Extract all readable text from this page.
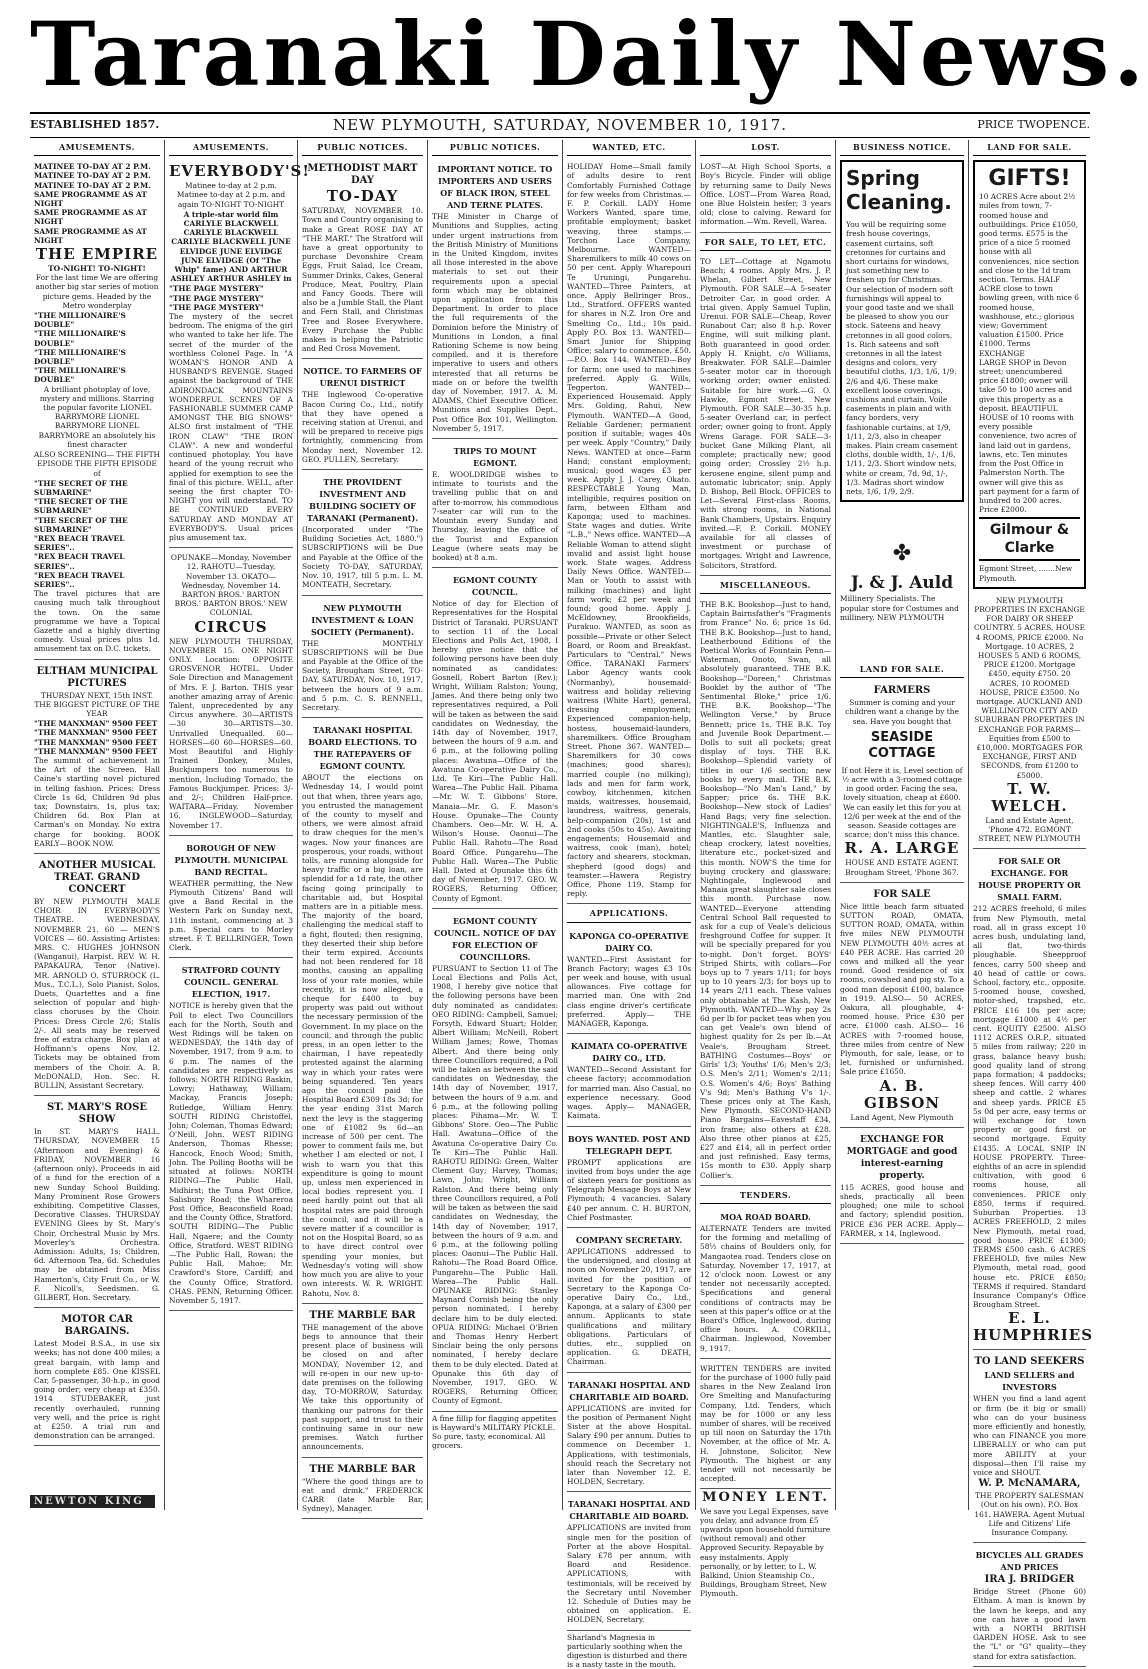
Taranaki Daily News.
ESTABLISHED 1857.	NEW PLYMOUTH, SATURDAY, NOVEMBER 10, 1917.	PRICE TWOPENCE.
AMUSEMENTS.
MATINEE TO-DAY AT 2 P.M.
MATINEE TO-DAY AT 2 P.M.
MATINEE TO-DAY AT 2 P.M.
SAME PROGRAMME AS AT NIGHT
SAME PROGRAMME AS AT NIGHT
SAME PROGRAMME AS AT NIGHT
THE EMPIRE
TO-NIGHT! TO-NIGHT!

For the last time We are offering another big star series of motion picture gems. Headed by the Metro wonderplay

"THE MILLIONAIRE'S DOUBLE"
"THE MILLIONAIRE'S DOUBLE"
"THE MILLIONAIRE'S DOUBLE"
"THE MILLIONAIRE'S DOUBLE"

A brilliant photoplay of love, mystery and millions. Starring the popular favorite LIONEL BARRYMORE LIONEL BARRYMORE LIONEL BARRYMORE an absolutely his finest character

ALSO SCREENING— THE FIFTH EPISODE THE FIFTH EPISODE of

"THE SECRET OF THE SUBMARINE"
"THE SECRET OF THE SUBMARINE"
"THE SECRET OF THE SUBMARINE"
"REX BEACH TRAVEL SERIES"..
"REX BEACH TRAVEL SERIES"..
"REX BEACH TRAVEL SERIES"..

The travel pictures that are causing much talk throughout the town. On the same programme we have a Topical Gazette and a highly diverting comedy. Usual prices plus 1d. amusement tax on D.C. tickets.

ELTHAM MUNICIPAL PICTURES

THURSDAY NEXT, 15th INST. THE BIGGEST PICTURE OF THE YEAR

"THE MANXMAN" 9500 FEET
"THE MANXMAN" 9500 FEET
"THE MANXMAN" 9500 FEET
"THE MANXMAN" 9500 FEET

The summit of achievement in the Art of the Screen. Hall Caine's startling novel pictured in telling fashion. Prices: Dress Circle 1s 6d, Children 9d plus tax; Downstairs, 1s, plus tax; Children 6d. Box Plan at Carman's on Monday. No extra charge for booking. BOOK EARLY—BOOK NOW.

ANOTHER MUSICAL TREAT. GRAND CONCERT

BY NEW PLYMOUTH MALE CHOIR IN EVERYBODY'S THEATRE. WEDNESDAY, NOVEMBER 21. 60 — MEN'S VOICES — 60. Assisting Artistes: MRS. C. HUGHES JOHNSON (Wanganui), Harpist. REV. W. H. PAPAKAURA, Tenor (Native). MR. ARNOLD O. STURROCK (L. Mus., T.C.L.), Solo Pianist. Solos, Duets, Quartettes and a fine selection of popular and high-class choruses by the Choir. Prices: Dress Circle 2/6; Stalls 2/-. All seats may be reserved free of extra charge. Box plan at Hoffmann's opens Nov. 12. Tickets may be obtained from members of the Choir. A. B. McDONALD, Hon. Sec. H. BULLIN, Assistant Secretary.

ST. MARY'S ROSE SHOW

In ST. MARY'S HALL. THURSDAY, NOVEMBER 15 (Afternoon and Evening) & FRIDAY, NOVEMBER 16 (afternoon only). Proceeds in aid of a fund for the erection of a new Sunday School Building. Many Prominent Rose Growers exhibiting. Competitive Classes, Decorative Classes. THURSDAY EVENING Glees by St. Mary's Choir, Orchestral Music by Mrs. Moverley's Orchestra. Admission: Adults, 1s; Children, 6d. Afternoon Tea, 6d. Schedules may be obtained from Miss Hamerton's, City Fruit Co., or W. F. Nicoll's, Seedsmen. G. GILBERT, Hon. Secretary.

MOTOR CAR BARGAINS.

Latest Model B.S.A., in use six weeks; has not done 400 miles; a great bargain, with lamp and horn complete £85. One KISSEL Car, 5-passenger, 30-h.p., in good going order; very cheap at £350. 1914 STUDEBAKER, just recently overhauled, running very well, and the price is right at £250. A trial run and demonstration can be arranged.

NEWTON KING
AMUSEMENTS.
EVERYBODY'S!

Matinee to-day at 2 p.m. Matinee to-day at 2 p.m. and again TO-NIGHT TO-NIGHT

A triple-star world film CARLYLE BLACKWELL CARLYLE BLACKWELL CARLYLE BLACKWELL JUNE ELVIDGE JUNE ELVIDGE JUNE ELVIDGE (Of "The Whip" fame) AND ARTHUR ASHLEY ARTHUR ASHLEY in

"THE PAGE MYSTERY"
"THE PAGE MYSTERY"
"THE PAGE MYSTERY"

The mystery of the secret bedroom. The enigma of the girl who wanted to take her life. The secret of the murder of the worthless Colonel Page. In "A WOMAN'S HONOR AND A HUSBAND'S REVENGE. Staged against the background of THE ADIRONDACK MOUNTAINS WONDERFUL SCENES OF A FASHIONABLE SUMMER CAMP AMONGST THE BIG SNOWS" ALSO first instalment of "THE IRON CLAW" "THE IRON CLAW". A new and wonderful continued photoplay. You have heard of the young recruit who applied for exemption to see the final of this picture. WELL, after seeing the first chapter TO-NIGHT you will understand. TO BE CONTINUED EVERY SATURDAY AND MONDAY AT EVERYBODY'S. Usual prices plus amusement tax.

OPUNAKE—Monday, November 12. RAHOTU—Tuesday, November 13. OKATO—Wednesday, November 14. BARTON BROS.' BARTON BROS.' BARTON BROS.' NEW COLONIAL

CIRCUS

NEW PLYMOUTH THURSDAY, NOVEMBER 15. ONE NIGHT ONLY. Location: OPPOSITE GROSVENOR HOTEL. Under Sole Direction and Management of Mrs. F. J. Barton. THIS year another amazing array of Arenic Talent, unprecedented by any Circus anywhere. 30—ARTISTS—30 30—ARTISTS—30. Unrivalled Unequalled. 60—HORSES—60 60—HORSES—60. Most Beautiful and Highly Trained Donkey, Mules, Buckjumpers too numerous to mention, Including Tornado, the Famous Buckjumper. Prices: 3/- and 2/-; Children Half-price. WAITARA—Friday, November 16. INGLEWOOD—Saturday, November 17.

BOROUGH OF NEW PLYMOUTH. MUNICIPAL BAND RECITAL.

WEATHER permitting, the New Plymouth Citizens' Band will give a Band Recital in the Western Park on Sunday next, 11th instant, commencing at 3 p.m. Special cars to Morley street. F. T. BELLRINGER, Town Clerk.

STRATFORD COUNTY COUNCIL. GENERAL ELECTION, 1917.

NOTICE is hereby given that the Poll to elect Two Councillors each for the North, South and West Ridings will be taken on WEDNESDAY, the 14th day of November, 1917, from 9 a.m. to 6 p.m. The names of the candidates are respectively as follows: NORTH RIDING Baskin, Lowry; Hathaway, William; Mackay, Francis Joseph; Rutledge, William Henry. SOUTH RIDING Christoffel, John; Coleman, Thomas Edward; O'Neill, John. WEST RIDING Anderson, Thomas Rhesse; Hancock, Enoch Wood; Smith, John. The Polling Booths will be situated at follows: NORTH RIDING—The Public Hall, Midhirst; the Tuna Post Office, Salisbury Road; the Whareroa Post Office, Beaconsfield Road; and the County Office, Stratford. SOUTH RIDING—The Public Hall, Ngaere; and the County Office, Stratford. WEST RIDING—The Public Hall, Rowan; the Public Hall, Mahoe; Mr. Crawford's Store, Cardiff; and the County Office, Stratford. CHAS. PENN, Returning Officer. November 5, 1917.

PUBLIC NOTICES.
METHODIST MART DAY
TO-DAY

SATURDAY, NOVEMBER 10. Town and Country organising to make a Great ROSE DAY AT "THE MART." The Stratford will have a great opportunity to purchase Devonshire Cream Eggs, Fruit Salad, Ice Cream, Summer Drinks, Cakes, General Produce, Meat, Poultry, Plain and Fancy Goods. There will also be a Jumble Stall, the Plant and Fern Stall, and Christmas Tree and Rosee Everywhere. Every Purchase the Public makes is helping the Patriotic and Red Cross Movement.

NOTICE. TO FARMERS OF URENUI DISTRICT

THE Inglewood Co-operative Bacon Curing Co., Ltd., notify that they have opened a receiving station at Urenui, and will be prepared to receive pigs fortnightly, commencing from Monday next, November 12. GEO. PULLEN, Secretary.

THE PROVIDENT INVESTMENT AND BUILDING SOCIETY OF TARANAKI (Permanent).

(Incorporated under "The Building Societies Act, 1880.") SUBSCRIPTIONS will be Due and Payable at the Office of the Society TO-DAY, SATURDAY, Nov. 10, 1917, till 5 p.m. L. M. MONTEATH, Secretary.

NEW PLYMOUTH INVESTMENT & LOAN SOCIETY (Permanent).

THE MONTHLY SUBSCRIPTIONS will be Due and Payable at the Office of the Society, Brougham Street, TO-DAY, SATURDAY, Nov. 10, 1917, between the hours of 9 a.m. and 5 p.m. C. S. RENNELL, Secretary.

TARANAKI HOSPITAL BOARD ELECTIONS. TO THE RATEPAYERS OF EGMONT COUNTY.

ABOUT the elections on Wednesday 14, I would point out that when, three years ago, you entrusted the management of the county to myself and others, we were almost afraid to draw cheques for the men's wages. Now your finances are prosperous, your roads, without tolls, are running alongside for heavy traffic or a big loan, are splendid for a 1d rate, the other facing going principally to charitable aid, but Hospital matters are in a pitiable mess. The majority of the board, challenging the medical staff to a fight, flouted; then resigning, they deserted their ship before their term expired. Accounts had not been rendered for 18 months, causing an appalling loss of your rate monies, while recently, it is now alleged, a cheque for £400 to buy property was paid out without the necessary permission of the Government. In my place on the council, and through the public press, in an open letter to the chairman, I have repeatedly protested against the alarming way in which your rates were being squandered. Ten years ago the council paid the Hospital Board £309 18s 3d; for the year ending 31st March next the levy is the staggering one of £1082 9s 6d—an increase of 500 per cent. The power to comment fails me, but whether I am elected or not, I wish to warn you that this expenditure is going to mount up, unless men experienced in local bodies represent you. I need hardly point out that all hospital rates are paid through the council, and it will be a severe matter if a councillor is not on the Hospital Board, so as to have direct control over spending your monies, but Wednesday's voting will show how much you are alive to your own interests. W. R. WRIGHT. Rahotu, Nov. 8.

THE MARBLE BAR

THE management of the above begs to announce that their present place of business will be closed on and after MONDAY, November 12, and will re-open in our new up-to-date premises on the following day, TO-MORROW, Saturday. We take this opportunity of thanking our patrons for their past support, and trust to their continuing same in our new premises. Watch further announcements.

THE MARBLE BAR

"Where the good things are to eat and drink." FREDERICK CARR (late Marble Bar, Sydney), Manager.

PUBLIC NOTICES.
IMPORTANT NOTICE. TO IMPORTERS AND USERS OF BLACK IRON, STEEL AND TERNE PLATES.

THE Minister in Charge of Munitions and Supplies, acting under urgent instructions from the British Ministry of Munitions in the United Kingdom, invites all those interested in the above materials to set out their requirements upon a special form which may be obtained upon application from this Department. In order to place the full requirements of the Dominion before the Ministry of Munitions in London, a final Rationing Scheme is now being compiled, and it is therefore imperative to users and others interested that all returns be made on or before the twelfth day of November, 1917. A. M. ADAMS, Chief Executive Officer. Munitions and Supplies Dept., Post Office Box 101, Wellington. November 5, 1917.

TRIPS TO MOUNT EGMONT.

E. WOOLDRIDGE wishes to intimate to tourists and the travelling public that on and after to-morrow, his commodious 7-seater car will run to the Mountain every Sunday and Thursday, leaving the office of the Tourist and Expansion League (where seats may be booked) at 8 a.m.

EGMONT COUNTY COUNCIL.

Notice of day for Election of Representatives for the Hospital District of Taranaki. PURSUANT to section 11 of the Local Elections and Polls Act, 1908, I hereby give notice that the following persons have been duly nominated as candidates: Gosnell, Robert Barton (Rev.); Wright, William Ralston; Young, James. And there being only two representatives required, a Poll will be taken as between the said candidates on Wednesday, the 14th day of November, 1917, between the hours of 9 a.m. and 6 p.m., at the following polling places: Awatuna—Office of the Awatuna Co-operative Dairy Co., Ltd. Te Kiri—The Public Hall. Warea—The Public Hall. Pihama—Mr. W. T. Gibbons' Store. Manaia—Mr. G. F. Mason's House. Opunake—The County Chambers. Oeo—Mr. W. H. A. Wilson's House. Oaonui—The Public Hall. Rahotu—The Road Board Office. Pungarehu—The Public Hall. Warea—The Public Hall. Dated at Opunake this 6th day of November, 1917. GEO. W. ROGERS, Returning Officer, County of Egmont.

EGMONT COUNTY COUNCIL. NOTICE OF DAY FOR ELECTION OF COUNCILLORS.

PURSUANT to Section 11 of The Local Elections and Polls Act, 1908, I hereby give notice that the following persons have been duly nominated as candidates: OEO RIDING: Campbell, Samuel; Forsyth, Edward Stuart; Holder, Albert William; McNeill, Robert William James; Rowe, Thomas Albert. And there being only three Councillors required, a Poll will be taken as between the said candidates on Wednesday, the 14th day of November, 1917, between the hours of 9 a.m. and 6 p.m., at the following polling places: Pihama—Mr. W. T. Gibbons' Store. Oeo—The Public Hall. Awatuna—Office of the Awatuna Co-operative Dairy Co. Te Kiri—The Public Hall. RAHOTU RIDING: Green, Walter Clement Guy; Harvey, Thomas; Lawn, John; Wright, William Ralston. And there being only three Councillors required, a Poll will be taken as between the said candidates on Wednesday, the 14th day of November, 1917, between the hours of 9 a.m. and 6 p.m., at the following polling places: Oaonui—The Public Hall. Rahotu—The Road Board Office. Pungarehu—The Public Hall. Warea—The Public Hall. OPUNAKE RIDING: Stanley Maynard Cornish being the only person nominated, I hereby declare him to be duly elected. OPUA RIDING: Michael O'Brien and Thomas Henry Herbert Sinclair being the only persons nominated, I hereby declare them to be duly elected. Dated at Opunake this 6th day of November, 1917. GEO. W. ROGERS, Returning Officer, County of Egmont.

A fine fillip for flagging appetites is Hayward's MILITARY PICKLE. So pure, tasty, economical. All grocers.

WANTED, ETC.

HOLIDAY Home—Small family of adults desire to rent Comfortably Furnished Cottage for few weeks from Christmas.—F. P. Corkill. LADY Home Workers Wanted, spare time, profitable employment; basket weaving, three stamps.—Torchon Lace Company, Melbourne. WANTED—Sharemilkers to milk 40 cows on 50 per cent. Apply Wharepouri Te Uruningi, Pungarehu. WANTED—Three Painters, at once. Apply Bellringer Bros., Ltd., Stratford. OFFERS wanted for shares in N.Z. Iron Ore and Smelting Co., Ltd.; 10s paid. Apply P.O. Box 13. WANTED—Smart Junior for Shipping Office; salary to commence, £50.—P.O. Box 144. WANTED—Boy for farm; one used to machines preferred. Apply G. Wills, Tegperton. WANTED—Experienced Housemaid. Apply Mrs. Golding, Rahui, New Plymouth. WANTED—A Good, Reliable Gardener; permanent position if suitable; wages 40s per week. Apply "Country," Daily News. WANTED at once—Farm Hand; constant employment; musical; good wages £3 per week. Apply J. J. Carey, Okato. RESPECTABLE Young Man, intelligible, requires position on farm, between Eltham and Kaponga; used to machines. State wages and duties. Write "L.B.," News office. WANTED—A Reliable Woman to attend slight invalid and assist light house work. State wages. Address Daily News Office. WANTED—Man or Youth to assist with milking (machines) and light farm work; £2 per week and found; good home. Apply J. McEldowney, Brookfields, Purakuo. WANTED, as soon as possible—Private or other Select Board, or Room and Breakfast. Particulars to "Central," News Office. TARANAKI Farmers' Labor Agency wants cook (Normanby), housemaid-waitress and holiday relieving waitress (White Hart), general, dressing employment; Experienced companion-help, hostess, housemaid-launders, sharemilkers. Office Brougham Street. Phone 367. WANTED—Sharemilkers for 30 cows (machines; good shares); married couple (no milking); lads and men for farm work, cowboy, kitchenmen, kitchen maids, waitresses, housemaid, laundress, waitress, generals, help-companion (20s), 1st and 2nd cooks (50s to 45s). Awaiting engagements; Housemaid and waitress, cook (man), hotel; factory and shearers, stockman, shepherd (good dogs) and teamster.—Hawera Registry Office, Phone 119. Stamp for reply.

APPLICATIONS.
KAPONGA CO-OPERATIVE DAIRY CO.

WANTED—First Assistant for Branch Factory; wages £3 10s per week and house, with usual allowances. Five cottage for married man. One with 2nd class engine driver's certificate preferred. Apply— THE MANAGER, Kaponga.

KAIMATA CO-OPERATIVE DAIRY CO., LTD.

WANTED—Second Assistant for cheese factory; accommodation for married man. Also Casual, no experience necessary. Good wages. Apply— MANAGER, Kaimata.

BOYS WANTED. POST AND TELEGRAPH DEPT.

PROMPT applications are invited from boys under the age of sixteen years for positions as Telegraph Message Boys at New Plymouth; 4 vacancies. Salary £40 per annum. C. H. BURTON, Chief Postmaster.

COMPANY SECRETARY.

APPLICATIONS addressed to the undersigned, and closing at noon on November 20, 1917, are invited for the position of Secretary to the Kaponga Co-operative Dairy Co., Ltd., Kaponga, at a salary of £300 per annum. Applicants to state qualifications and military obligations. Particulars of duties, etc., supplied on application. G. DEATH, Chairman.

TARANAKI HOSPITAL AND CHARITABLE AID BOARD.

APPLICATIONS are invited for the position of Permanent Night Sister at the above Hospital. Salary £90 per annum. Duties to commence on December 1. Applications, with testimonials, should reach the Secretary not later than November 12. E. HOLDEN, Secretary.

TARANAKI HOSPITAL AND CHARITABLE AID BOARD.

APPLICATIONS are invited from single men for the position of Porter at the above Hospital. Salary £78 per annum, with Board and Residence. APPLICATIONS, with testimonials, will be received by the Secretary until November 12. Schedule of Duties may be obtained on application. E. HOLDEN, Secretary.

Sharland's Magnesia in particularly soothing when the digestion is disturbed and there is a nasty taste in the mouth.

LOST.

LOST—At High School Sports, a Boy's Bicycle. Finder will oblige by returning same to Daily News Office. LOST—From Warea Road, one Blue Holstein heifer; 3 years old; close to calving. Reward for information.—Wm. Revell, Warea.

FOR SALE, TO LET, ETC.

TO LET—Cottage at Ngamotu Beach; 4 rooms. Apply Mrs. J. P. Whelan, Gilbert Street, New Plymouth. FOR SALE—A 5-seater Detroiter Car, in good order. A trial given. Apply Samuel Tuplin, Urenui. FOR SALE—Cheap, Rover Runabout Car; also 8 h.p. Rover Engine, will suit milking plant. Both guaranteed in good order. Apply H. Knight, c/o Williams, Breakwater. FOR SALE—Daimler 5-seater motor car in thorough working order; owner enlisted. Suitable for hire work.—G. O. Hawke, Egmont Street, New Plymouth. FOR SALE—30-35 h.p. 5-seater Overland car, in perfect order; owner going to front. Apply Wrens Garage. FOR SALE—3-bucket Gane Milking Plant, all complete; practically new; good going order; Crossley 2½ h.p. kerosene engine, silent pump and automatic lubricator; snip. Apply D. Bishop, Bell Block. OFFICES to Let—Several First-class Rooms, with strong rooms, in National Bank Chambers, Upstairs. Enquiry invited.—F. P. Corkill. MONEY available for all classes of investment or purchase of mortgages. Wright and Lawrence, Solicitors, Stratford.

MISCELLANEOUS.

THE B.K. Bookshop—Just to hand, Captain Bairnsfather's "Fragments from France" No. 6; price 1s 6d. THE B.K. Bookshop—Just to hand, Leatherbound Editions of the Poetical Works of Fountain Penn—Waterman, Onoto, Swan, all absolutely guaranteed. THE B.K. Bookshop—"Doreen," Christmas Booklet by the author of "The Sentimental Bloke," price 1/6. THE B.K. Bookshop—"The Wellington Verse," by Bruce Bennett; price 1s. THE B.K. Toy and Juvenile Book Department.—Dolls to suit all pockets; great display of toys. THE B.K. Bookshop—Splendid variety of titles in our 1/6 section; new books by every mail. THE B.K. Bookshop—"No Man's Land," by Sapper; price 6s. THE B.K. Bookshop—New stock of Ladies' Hand Bags; very fine selection. NIGHTINGALE'S, Influenza and Mantles, etc. Slaughter sale, cheap crockery, latest novelties, literature etc., pocket-sized and this month. NOW'S the time for buying crockery and glassware; Nightingale, Inglewood and Manaia great slaughter sale closes this month. Purchase now. WANTED—Everyone attending Central School Ball requested to ask for a cup of Veale's delicious freshground Coffee for supper. It will be specially prepared for you to-night. Don't forget. BOYS' Striped Shirts, with collars—For boys up to 7 years 1/11; for boys up to 10 years 2/3; for boys up to 14 years 2/11 each. These values only obtainable at The Kash, New Plymouth. WANTED—Why pay 2s 6d per lb for packet teas when you can get Veale's own blend of highest quality for 2s per lb.—At Veale's, Brougham Street. BATHING Costumes—Boys' or Girls' 1/3; Youths' 1/6; Men's 2/3; O.S. Men's 2/11; Women's 2/11; O.S. Women's 4/6; Boys' Bathing V's 9d; Men's Bathing V's 1/-. These prices only at The Kash, New Plymouth. SECOND-HAND Piano Bargains—Eavestaff £34, iron frame; also others at £28. Also three other pianos at £25, £27 and £14, all in perfect order and just refinished. Easy terms, 15s month to £30. Apply sharp Collier's.

TENDERS.
MOA ROAD BOARD.

ALTERNATE Tenders are invited for the forming and metalling of 58½ chains of Boulders only, for Mangaotea road. Tenders close on Saturday, November 17, 1917, at 12 o'clock noon. Lowest or any tender not necessarily accepted. Specifications and general conditions of contracts may be seen at this paper's office or at the Board's Office, Inglewood, during office hours. A. CORKILL, Chairman. Inglewood, November 9, 1917.

WRITTEN TENDERS are invited for the purchase of 1000 fully paid shares in the New Zealand Iron Ore Smelting and Manufacturing Company, Ltd. Tenders, which may be for 1000 or any less number of shares, will be received up till noon on Saturday the 17th November, at the office of Mr. A. H. Johnstone, Solicitor, New Plymouth. The highest or any tender will not necessarily be accepted.

MONEY LENT.

We save you Legal Expenses, save you delay, and advance from £5 upwards upon household furniture (without removal) and other Approved Security. Repayable by easy instalments. Apply personally, or by letter, to L. W. Balkind, Union Steamship Co., Buildings, Brougham Street, New Plymouth.

BUSINESS NOTICE.
Spring Cleaning.

You will be requiring some fresh house coverings, casement curtains, soft cretonnes for curtains and short curtains for windows, just something new to freshen up for Christmas. Our selection of modern soft furnishings will appeal to your good taste and we shall be pleased to show you our stock. Sateens and heavy cretonnes in all good colors, 1s. Rich sateens and soft cretonnes in all the latest designs and colors, very beautiful cloths, 1/3, 1/6, 1/9, 2/6 and 4/6. These make excellent loose coverings, cushions and curtain. Voile casements in plain and with fancy borders, very fashionable curtains, at 1/9, 1/11, 2/3, also in cheaper makes. Plain cream casement cloths, double width, 1/-, 1/6, 1/11, 2/3. Short window nets, white or cream, 7d, 9d, 1/-, 1/3. Madras short window nets, 1/6, 1/9, 2/9.

✤
J. & J. Auld

Millinery Specialists. The popular store for Costumes and millinery. NEW PLYMOUTH

LAND FOR SALE.
FARMERS

Summer is coming and your children want a change by the sea. Have you bought that

SEASIDE COTTAGE

If not Here it is, Level section of ½ acre with a 3-roomed cottage in good order. Facing the sea, lovely situation, cheap at £600. We can easily let this for you at 12/6 per week at the end of the season. Seaside cottages are scarce; don't miss this chance.

R. A. LARGE

HOUSE AND ESTATE AGENT. Brougham Street, 'Phone 367.

FOR SALE

Nice little beach farm situated SUTTON ROAD, OMATA, SUTTON ROAD, OMATA, within five miles NEW PLYMOUTH NEW PLYMOUTH 40½ acres at £40 PER ACRE. Has carried 20 cows and milked all the year round. Good residence of six rooms, cowshed and pig sty. To a good man deposit £100, balance in 1919. ALSO— 50 ACRES, Oakura, all ploughable, 4-roomed house. Price £30 per acre. £1000 cash. ALSO— 16 ACRES with 7-roomed house, three miles from centre of New Plymouth, for sale, lease, or to let, furnished or unfurnished. Sale price £1650.

A. B. GIBSON

Land Agent, New Plymouth

EXCHANGE FOR MORTGAGE and good interest-earning property.

115 ACRES, good house and sheds, practically all been ploughed; one mile to school and factory; splendid position. PRICE £36 PER ACRE. Apply— FARMER, x 14, Inglewood.

LAND FOR SALE.
GIFTS!

10 ACRES Acre about 2½ miles from town, 7-roomed house and outbuildings. Price £1050, good terms. £575 is the price of a nice 5 roomed house with all conveniences, nice section and close to the 1d tram section. Terms. HALF ACRE close to town bowling green, with nice 6 roomed house, washhouse, etc.; glorious view; Government valuation £1500. Price £1000. Terms

EXCHANGE

LARGE SHOP in Devon street; unencumbered price £1800; owner will take 50 to 100 acres and give this property as a deposit. BEAUTIFUL HOUSE of 10 rooms with every possible convenience, two acres of land laid out in gardens, lawns, etc. Ten minutes from the Post Office in Palmerston North. The owner will give this as part payment for a farm of hundred to 200 acres. Price £2000.

Gilmour & Clarke

Egmont Street, .......New Plymouth.

NEW PLYMOUTH PROPERTIES IN EXCHANGE FOR DAIRY OR SHEEP COUNTRY. 5 ACRES, HOUSE 4 ROOMS, PRICE £2000. No Mortgage. 10 ACRES, 2 HOUSES 5 AND 6 ROOMS, PRICE £1200. Mortgage £450, equity £750. 20 ACRES, 10 ROOMED HOUSE, PRICE £3500. No mortgage. AUCKLAND AND WELLINGTON CITY AND SUBURBAN PROPERTIES IN EXCHANGE FOR FARMS— Equities from £500 to £10,000. MORTGAGES FOR EXCHANGE, FIRST AND SECONDS, from £1200 to £5000.

T. W. WELCH.

Land and Estate Agent, 'Phone 472. EGMONT STREET, NEW PLYMOUTH

FOR SALE OR EXCHANGE. FOR HOUSE PROPERTY OR SMALL FARM.

212 ACRES freehold, 6 miles from New Plymouth, metal road, all in grass except 10 acres bush, undulating land, all flat, two-thirds ploughable. Sheepproof fences, carry 500 sheep and 40 head of cattle or cows. School, factory, etc., opposite. 5-roomed house, cowshed, motor-shed, trapshed, etc. PRICE £16 10s per acre; mortgage £1000 at 4½ per cent. EQUITY £2500. ALSO 1112 ACRES O.R.P., situated 5 miles from railway; 220 in grass, balance heavy bush; good quality land of strong papa formation; 4 paddocks; sheep fences. Will carry 400 sheep and cattle. 2 whares and sheep yards. PRICE £5 5s 0d per acre, easy terms or will exchange for town property or good first or second mortgage. Equity £1435. A LOCAL SNIP IN HOUSE PROPERTY. Three-eighths of an acre in splendid cultivation, with good 6 rooms house, all conveniences. PRICE only £850, terms if required. Suburban Properties. 13 ACRES FREEHOLD, 2 miles New Plymouth, metal road, good house. PRICE £1300; TERMS £500 cash. 6 ACRES FREEHOLD, five miles New Plymouth, metal road, good house etc. PRICE £850; TERMS if required. Standard Insurance Company's Office Brougham Street.

E. L. HUMPHRIES
TO LAND SEEKERS
LAND SELLERS and INVESTORS

WHEN you find a land agent or firm (be it big or small) who can do your business more efficiently and honestly, who can FINANCE you more LIBERALLY or who can put more ABILITY at your disposal—then I'll raise my voice and SHOUT.

W. P. McNAMARA,

THE PROPERTY SALESMAN (Out on his own). P.O. Box 161. HAWERA. Agent Mutual Life and Citizens' Life Insurance Company.

BICYCLES ALL GRADES AND PRICES
IRA J. BRIDGER

Bridge Street (Phone 60) Eltham. A man is known by the lawn he keeps, and any one can have a good lawn with a NORTH BRITISH GARDEN HOSE. Ask to see the "L" or "G" quality—they stand for extra satisfaction.
